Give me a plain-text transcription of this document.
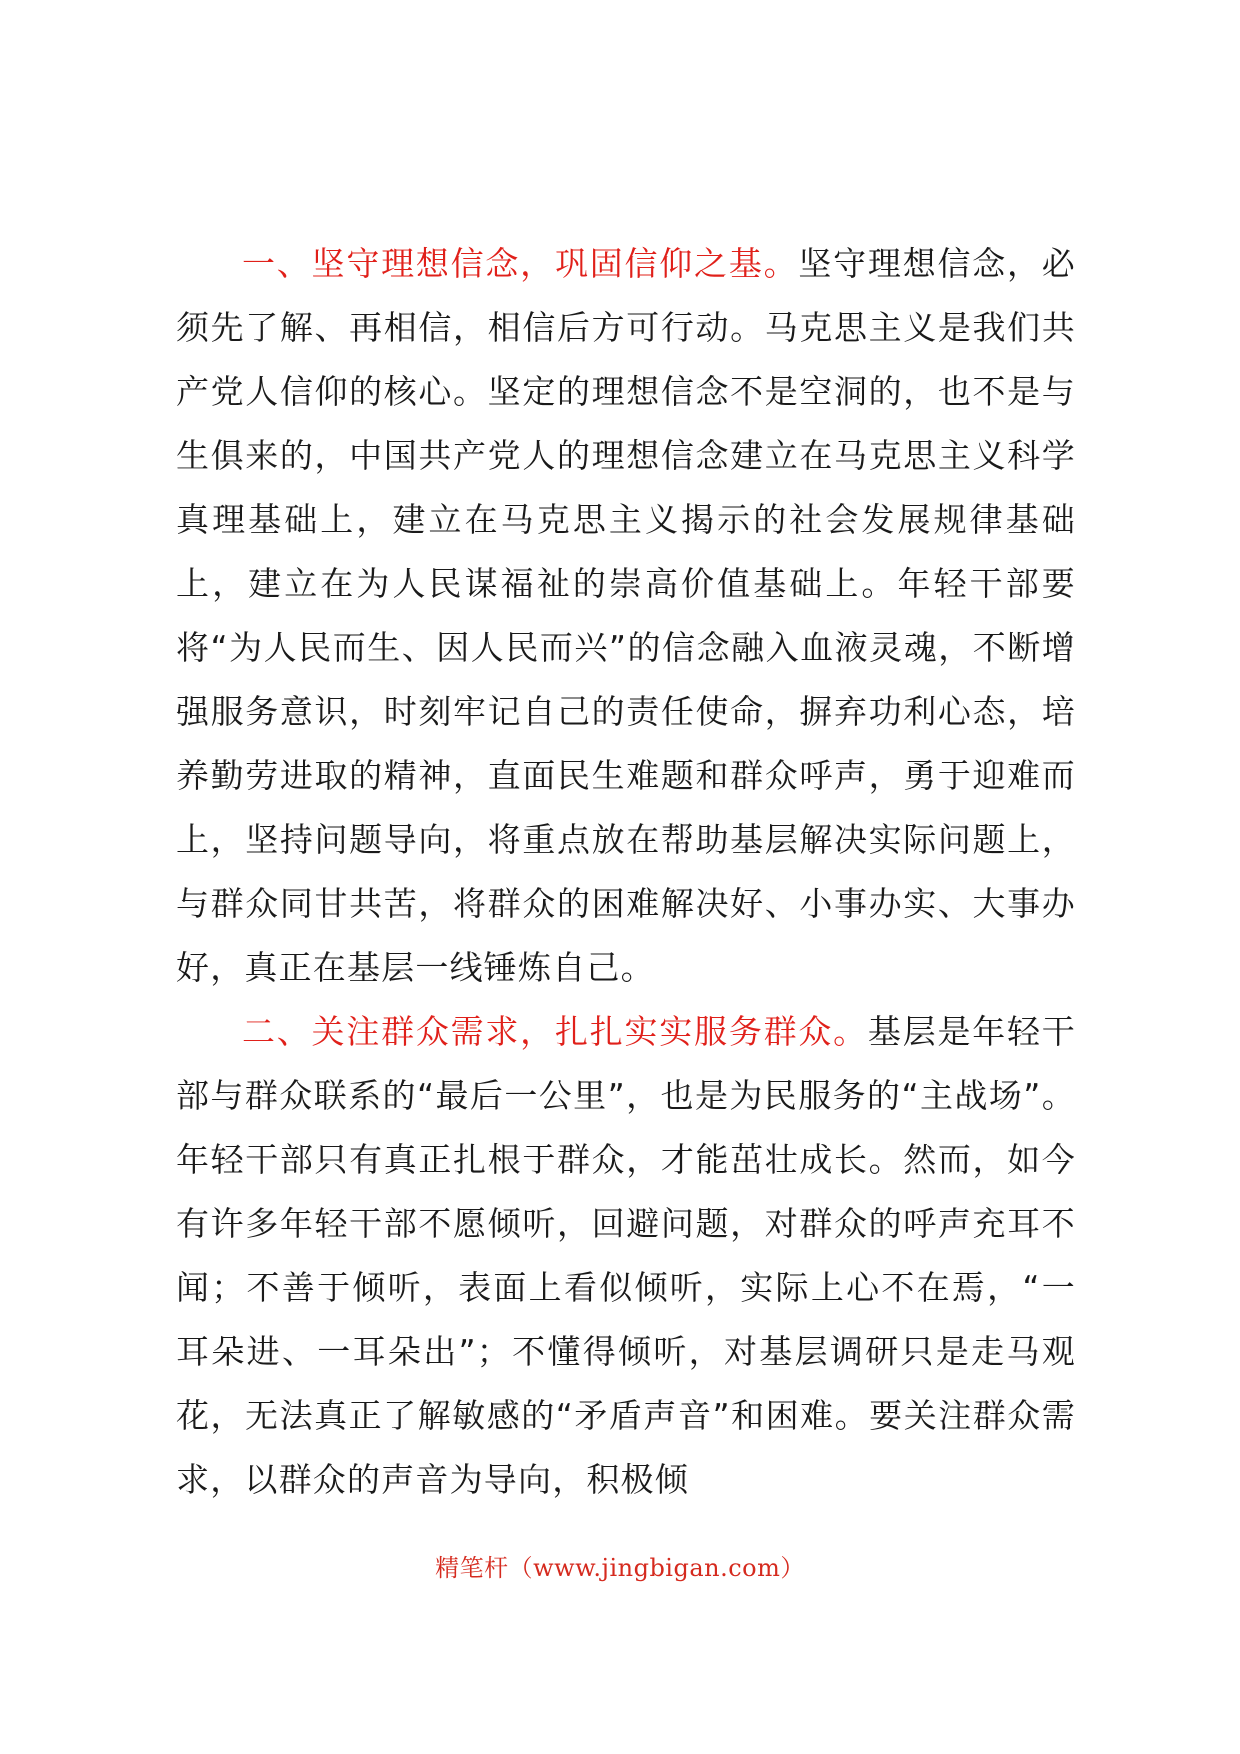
一、坚守理想信念，巩固信仰之基。坚守理想信念，必须先了解、再相信，相信后方可行动。马克思主义是我们共产党人信仰的核心。坚定的理想信念不是空洞的，也不是与生俱来的，中国共产党人的理想信念建立在马克思主义科学真理基础上，建立在马克思主义揭示的社会发展规律基础上，建立在为人民谋福祉的崇高价值基础上。年轻干部要将“为人民而生、因人民而兴”的信念融入血液灵魂，不断增强服务意识，时刻牢记自己的责任使命，摒弃功利心态，培养勤劳进取的精神，直面民生难题和群众呼声，勇于迎难而上，坚持问题导向，将重点放在帮助基层解决实际问题上，与群众同甘共苦，将群众的困难解决好、小事办实、大事办好，真正在基层一线锤炼自己。

二、关注群众需求，扎扎实实服务群众。基层是年轻干部与群众联系的“最后一公里”，也是为民服务的“主战场”。年轻干部只有真正扎根于群众，才能茁壮成长。然而，如今有许多年轻干部不愿倾听，回避问题，对群众的呼声充耳不闻；不善于倾听，表面上看似倾听，实际上心不在焉，“一耳朵进、一耳朵出”；不懂得倾听，对基层调研只是走马观花，无法真正了解敏感的“矛盾声音”和困难。要关注群众需求，以群众的声音为导向，积极倾

精笔杆（www.jingbigan.com）
